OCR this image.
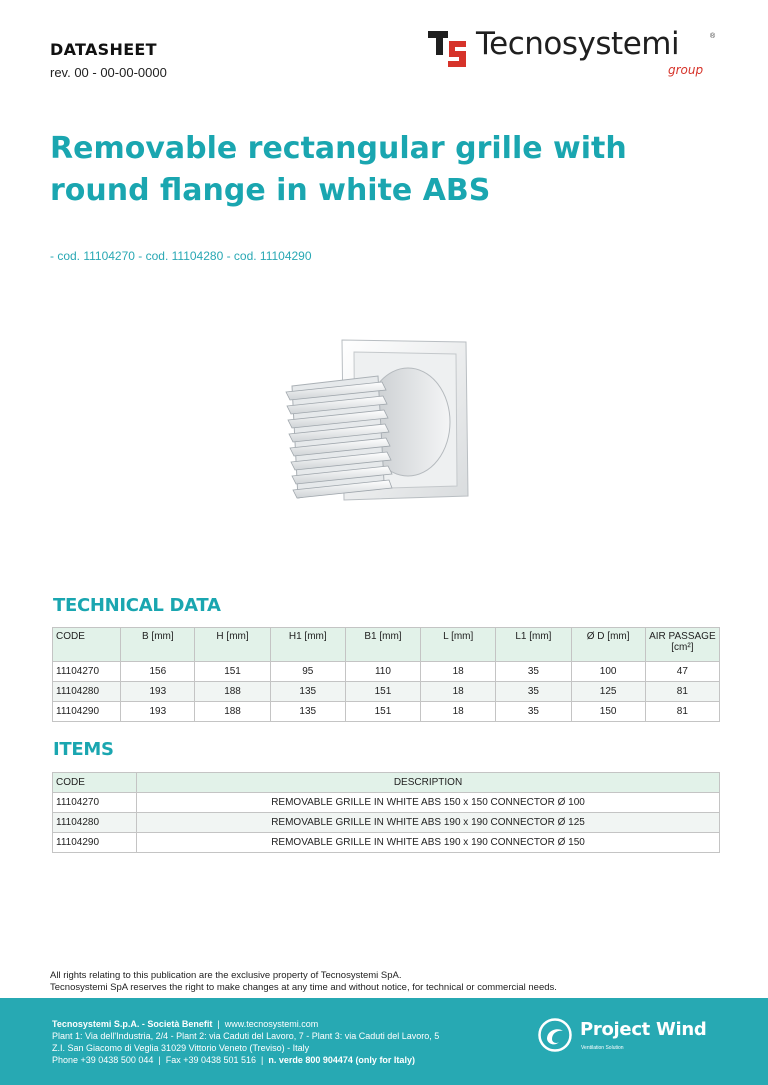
DATASHEET
rev. 00 - 00-00-0000
Tecnosystemi	®
group
Removable rectangular grille with round flange in white ABS
- cod. 11104270 - cod. 11104280 - cod. 11104290
TECHNICAL DATA
CODE	B [mm]	H [mm]	H1 [mm]	B1 [mm]	L [mm]	L1 [mm]	Ø D [mm]	AIR PASSAGE
[cm²]
11104270	156	151	95	110	18	35	100	47
11104280	193	188	135	151	18	35	125	81
11104290	193	188	135	151	18	35	150	81
ITEMS
CODE	DESCRIPTION
11104270	REMOVABLE GRILLE IN WHITE ABS 150 x 150 CONNECTOR Ø 100
11104280	REMOVABLE GRILLE IN WHITE ABS 190 x 190 CONNECTOR Ø 125
11104290	REMOVABLE GRILLE IN WHITE ABS 190 x 190 CONNECTOR Ø 150
All rights relating to this publication are the exclusive property of Tecnosystemi SpA.
Tecnosystemi SpA reserves the right to make changes at any time and without notice, for technical or commercial needs.
Tecnosystemi S.p.A. - Società Benefit  |  www.tecnosystemi.com
Plant 1: Via dell'Industria, 2/4 - Plant 2: via Caduti del Lavoro, 7 - Plant 3: via Caduti del Lavoro, 5
Z.I. San Giacomo di Veglia 31029 Vittorio Veneto (Treviso) - Italy
Phone +39 0438 500 044  |  Fax +39 0438 501 516  |  n. verde 800 904474 (only for Italy)
Project Wind
Ventilation Solution
